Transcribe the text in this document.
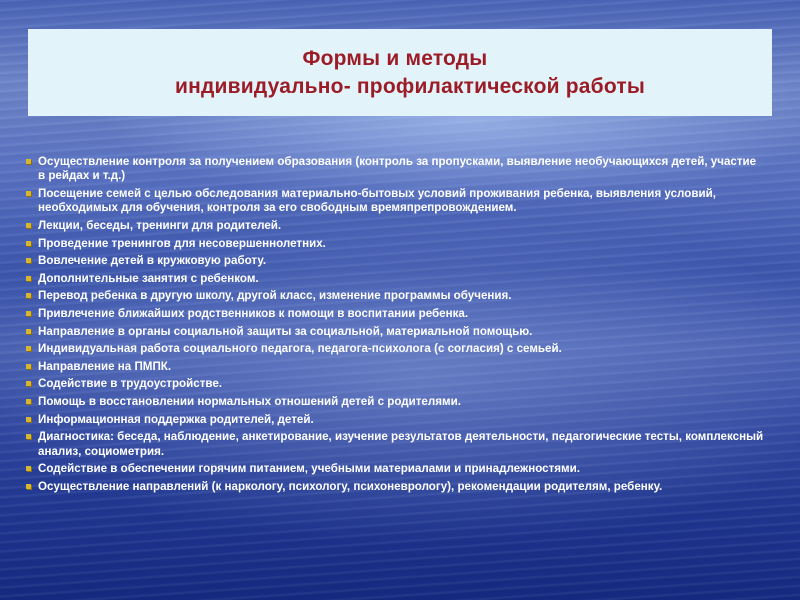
Формы и методы
индивидуально- профилактической работы
Осуществление контроля за получением образования (контроль за пропусками, выявление необучающихся детей, участие в рейдах и т.д.)
Посещение семей с целью обследования материально-бытовых условий проживания ребенка, выявления условий, необходимых для обучения, контроля за его свободным времяпрепровождением.
Лекции, беседы, тренинги для родителей.
Проведение тренингов для несовершеннолетних.
Вовлечение детей в кружковую работу.
Дополнительные занятия с ребенком.
Перевод ребенка в другую школу, другой класс, изменение программы обучения.
Привлечение ближайших родственников к помощи в воспитании ребенка.
Направление в органы социальной защиты за социальной, материальной помощью.
Индивидуальная работа социального педагога, педагога-психолога (с согласия) с семьей.
Направление на ПМПК.
Содействие в трудоустройстве.
Помощь в восстановлении нормальных отношений детей с родителями.
Информационная поддержка родителей, детей.
Диагностика: беседа, наблюдение, анкетирование, изучение результатов деятельности, педагогические тесты, комплексный анализ, социометрия.
Содействие в обеспечении горячим питанием, учебными материалами и принадлежностями.
Осуществление направлений (к наркологу, психологу, психоневрологу), рекомендации родителям, ребенку.
